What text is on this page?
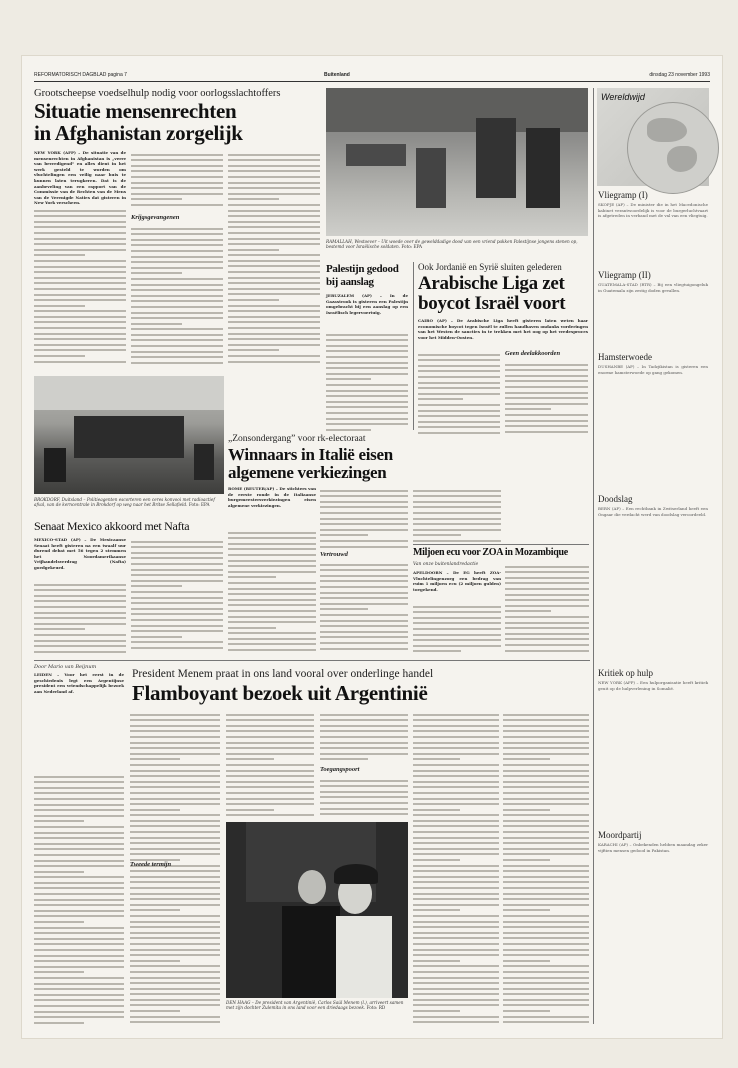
REFORMATORISCH DAGBLAD pagina 7	Buitenland	dinsdag 23 november 1993
Grootscheepse voedselhulp nodig voor oorlogsslachtoffers
Situatie mensenrechten
in Afghanistan zorgelijk
NEW YORK (AFP) – De situatie van de mensenrechten in Afghanistan is „verre van bevredigend” en alles dient in het werk gesteld te worden om vluchtelingen een veilig naar huis te kunnen laten terugkeren. Dat is de aanbeveling van een rapport van de Commissie van de Rechten van de Mens van de Verenigde Naties dat gisteren in New York verscheen.
Krijgsgevangenen
BROKDORF, Duitsland – Politieagenten escorteren een ceres konvooi met radioactief afval, van de kerncentrale in Brokdorf op weg naar het Britse Sellafield. Foto: EPA
Senaat Mexico akkoord met Nafta
MEXICO-STAD (AP) – De Mexicaanse Senaat heeft gisteren na een twaalf uur durend debat met 56 tegen 2 stemmen het Noordamerikaanse Vrijhandelsverdrag (Nafta) goedgekeurd.
RAMALLAH, Westoever – Uit woede over de gewelddadige dood van een vriend pakken Palestijnse jongens stenen op, bestemd voor Israëlische soldaten. Foto: EPA
Palestijn gedood
bij aanslag
JERUZALEM (AP) – In de Gazastrook is gisteren een Palestijn omgebracht bij een aanslag op een Israëlisch legervoertuig.
Ook Jordanië en Syrië sluiten gelederen
Arabische Liga zet
boycot Israël voort
CAIRO (AP) – De Arabische Liga heeft gisteren laten weten haar economische boycot tegen Israël te zullen handhaven ondanks vorderingen van het Westen de sancties in te trekken met het oog op het vredesproces voor het Midden-Oosten.
Geen deelakkoorden
„Zonsondergang” voor rk-electoraat
Winnaars in Italië eisen
algemene verkiezingen
ROME (REUTER/AP) – De stichters van de eerste ronde in de Italiaanse burgemeestersverkiezingen eisen algemene verkiezingen.
Vertrouwd	Miljoen ecu voor ZOA in Mozambique
Van onze buitenlandredactie
APELDOORN – De EG heeft ZOA-Vluchtelingenzorg een bedrag van ruim 1 miljoen ecu (2 miljoen gulden) toegekend.
Door Mario van Beijnum
President Menem praat in ons land vooral over onderlinge handel
Flamboyant bezoek uit Argentinië
LEIDEN – Voor het eerst in de geschiedenis legt een Argentijnse president een vriendschappelijk bezoek aan Nederland af.
Tweede termijn
Toegangspoort
DEN HAAG – De president van Argentinië, Carlos Saúl Menem (l.), arriveert samen met zijn dochter Zulemita in ons land voor een driedaags bezoek. Foto: RD
Wereldwijd
Vliegramp (I)
SKOPJE (AP) – De minister die in het Macedonische kabinet verantwoordelijk is voor de burgerluchtvaart is afgetreden in verband met de val van een vliegtuig.
Vliegramp (II)
GUATEMALA-STAD (RTR) – Bij een vliegtuigongeluk in Guatemala zijn zestig doden gevallen.
Hamsterwoede
DUSHANBE (AP) – In Tadzjikistan is gisteren een enorme hamsterwoede op gang gekomen.
Doodslag
BERN (AP) – Een rechtbank in Zwitserland heeft een Ongaar die verdacht werd van doodslag veroordeeld.
Kritiek op hulp
NEW YORK (AFP) – Een hulporganisatie heeft kritiek geuit op de hulpverlening in Somalië.
Moordpartij
KARACHI (AP) – Onbekenden hebben maandag zeker vijftien mensen gedood in Pakistan.
